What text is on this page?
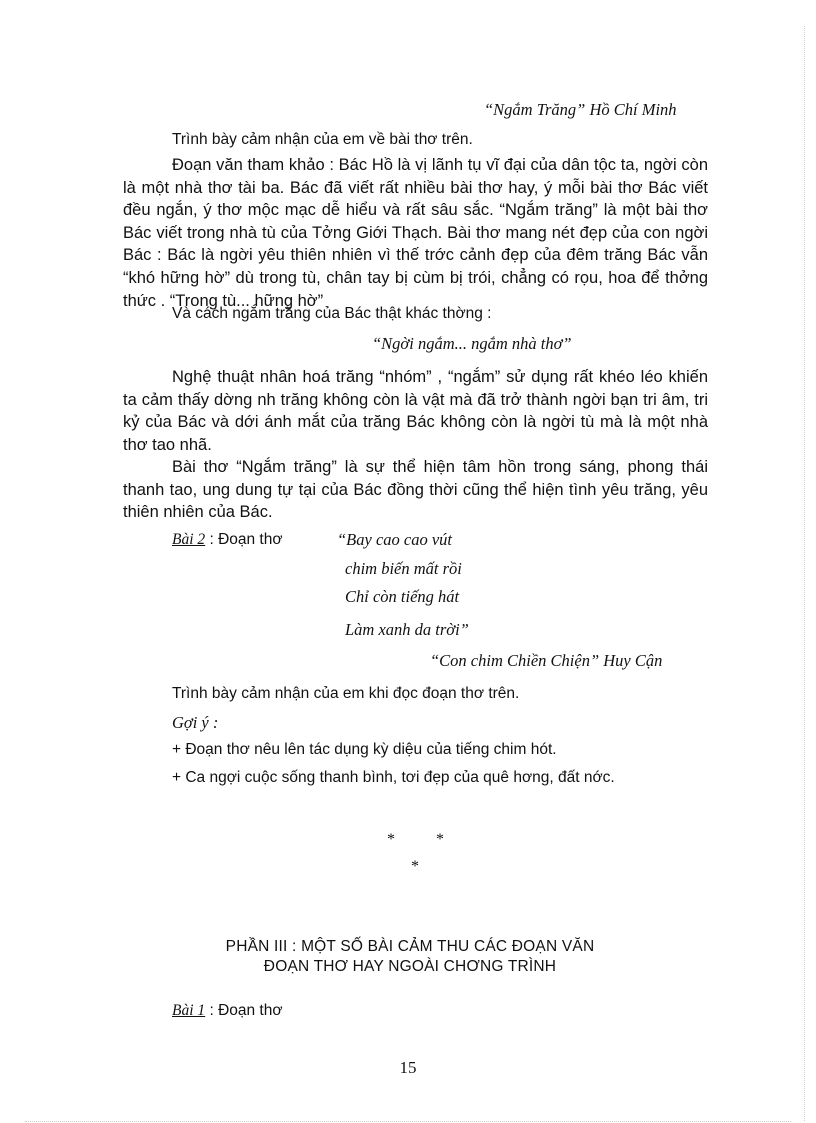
“Ngắm Trăng” Hồ Chí Minh
Trình bày cảm nhận của em về bài thơ trên.
Đoạn văn tham khảo : Bác Hồ là vị lãnh tụ vĩ đại của dân tộc ta, ngời còn là một nhà thơ tài ba. Bác đã viết rất nhiều bài thơ hay, ý mỗi bài thơ Bác viết đều ngắn, ý thơ mộc mạc dễ hiểu và rất sâu sắc. “Ngắm trăng” là một bài thơ Bác viết trong nhà tù của Tởng Giới Thạch. Bài thơ mang nét đẹp của con ngời Bác : Bác là ngời yêu thiên nhiên vì thế trớc cảnh đẹp của đêm trăng Bác vẫn “khó hững hờ” dù trong tù, chân tay bị cùm bị trói, chẳng có rọu, hoa để thởng thức . “Trong tù... hững hờ”
Và cách ngắm trăng của Bác thật khác thờng :
“Ngời ngắm... ngắm nhà thơ”
Nghệ thuật nhân hoá trăng “nhóm” , “ngắm” sử dụng rất khéo léo khiến ta cảm thấy dờng nh trăng không còn là vật mà đã trở thành ngời bạn tri âm, tri kỷ của Bác và dới ánh mắt của trăng Bác không còn là ngời tù mà là một nhà thơ tao nhã.
Bài thơ “Ngắm trăng” là sự thể hiện tâm hồn trong sáng, phong thái thanh tao, ung dung tự tại của Bác đồng thời cũng thể hiện tình yêu trăng, yêu thiên nhiên của Bác.
Bài 2 : Đoạn thơ	“Bay cao cao vút
chim biến mất rồi
Chỉ còn tiếng hát
Làm xanh da trời”
“Con chim Chiền Chiện” Huy Cận
Trình bày cảm nhận của em khi đọc đoạn thơ trên.
Gợi ý :
+ Đoạn thơ nêu lên tác dụng kỳ diệu của tiếng chim hót.
+ Ca ngợi cuộc sống thanh bình, tơi đẹp của quê hơng, đất nớc.
*	*
*
PHẦN III : MỘT SỐ BÀI CẢM THU CÁC ĐOẠN VĂN
ĐOẠN THƠ HAY NGOÀI CHƠNG TRÌNH
Bài 1 : Đoạn thơ
15
